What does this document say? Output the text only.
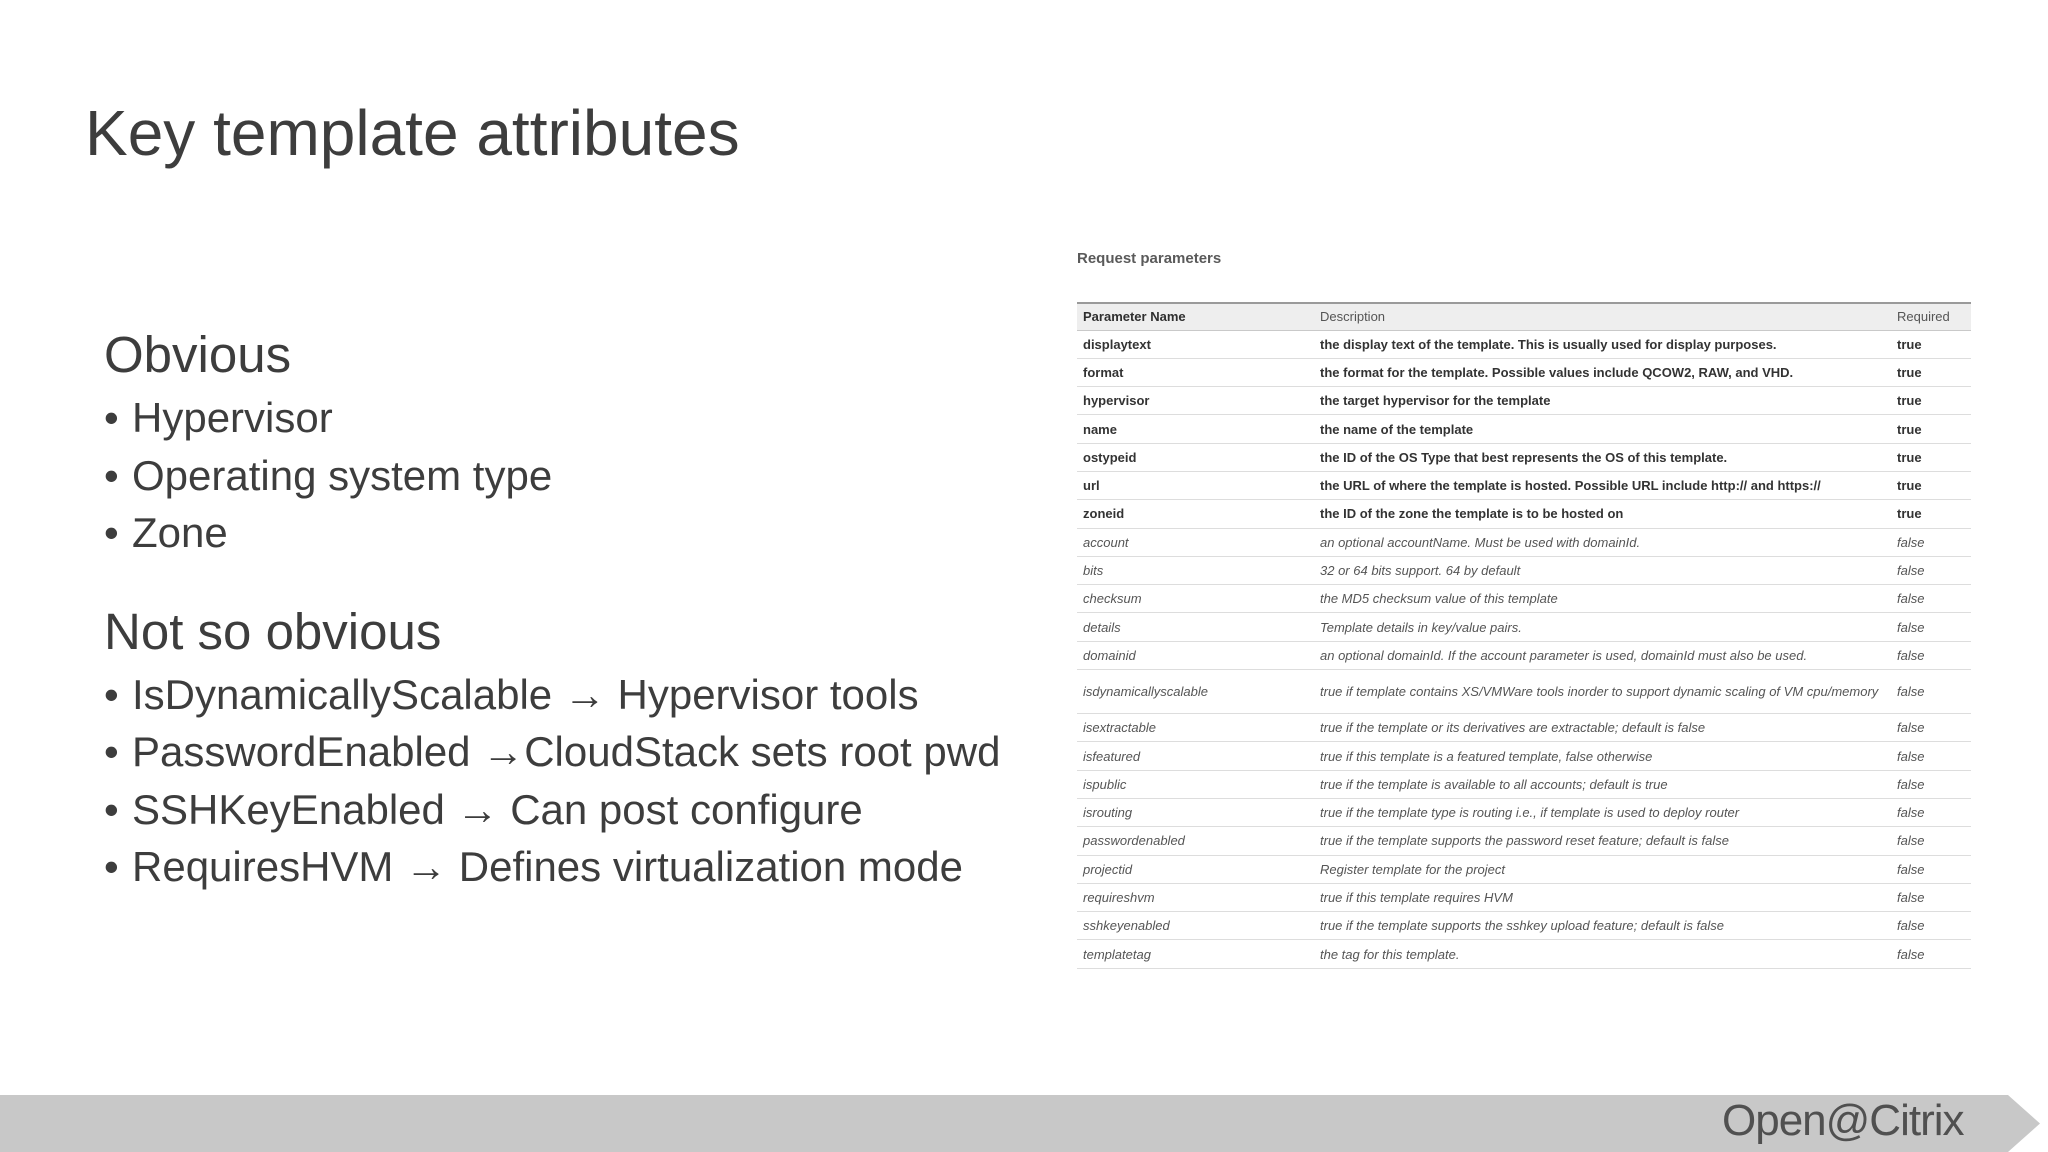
Key template attributes
Obvious
• Hypervisor
• Operating system type
• Zone
Not so obvious
• IsDynamicallyScalable → Hypervisor tools
• PasswordEnabled →CloudStack sets root pwd
• SSHKeyEnabled → Can post configure
• RequiresHVM → Defines virtualization mode
Request parameters
Parameter Name	Description	Required
displaytext	the display text of the template. This is usually used for display purposes.	true
format	the format for the template. Possible values include QCOW2, RAW, and VHD.	true
hypervisor	the target hypervisor for the template	true
name	the name of the template	true
ostypeid	the ID of the OS Type that best represents the OS of this template.	true
url	the URL of where the template is hosted. Possible URL include http:// and https://	true
zoneid	the ID of the zone the template is to be hosted on	true
account	an optional accountName. Must be used with domainId.	false
bits	32 or 64 bits support. 64 by default	false
checksum	the MD5 checksum value of this template	false
details	Template details in key/value pairs.	false
domainid	an optional domainId. If the account parameter is used, domainId must also be used.	false
isdynamicallyscalable	true if template contains XS/VMWare tools inorder to support dynamic scaling of VM cpu/memory	false
isextractable	true if the template or its derivatives are extractable; default is false	false
isfeatured	true if this template is a featured template, false otherwise	false
ispublic	true if the template is available to all accounts; default is true	false
isrouting	true if the template type is routing i.e., if template is used to deploy router	false
passwordenabled	true if the template supports the password reset feature; default is false	false
projectid	Register template for the project	false
requireshvm	true if this template requires HVM	false
sshkeyenabled	true if the template supports the sshkey upload feature; default is false	false
templatetag	the tag for this template.	false
Open@Citrix
